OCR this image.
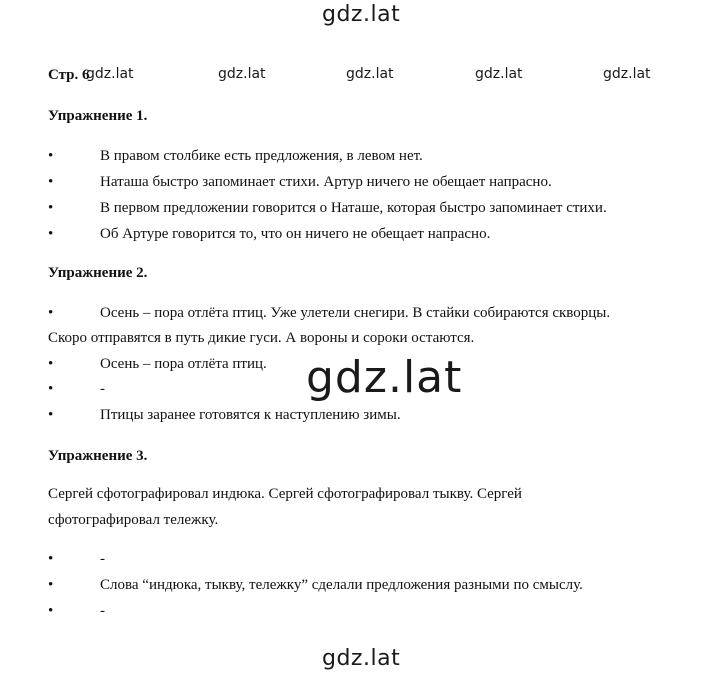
gdz.lat
Стр. 6
gdz.lat	gdz.lat	gdz.lat	gdz.lat	gdz.lat
Упражнение 1.
•	В правом столбике есть предложения, в левом нет.
•	Наташа быстро запоминает стихи. Артур ничего не обещает напрасно.
•	В первом предложении говорится о Наташе, которая быстро запоминает стихи.
•	Об Артуре говорится то, что он ничего не обещает напрасно.
Упражнение 2.
•	Осень – пора отлёта птиц. Уже улетели снегири. В стайки собираются скворцы.
Скоро отправятся в путь дикие гуси. А вороны и сороки остаются.
•	Осень – пора отлёта птиц.
•	-
•	Птицы заранее готовятся к наступлению зимы.
Упражнение 3.
Сергей сфотографировал индюка. Сергей сфотографировал тыкву. Сергей
сфотографировал тележку.
•	-
•	Слова “индюка, тыкву, тележку” сделали предложения разными по смыслу.
•	-
gdz.lat
gdz.lat
